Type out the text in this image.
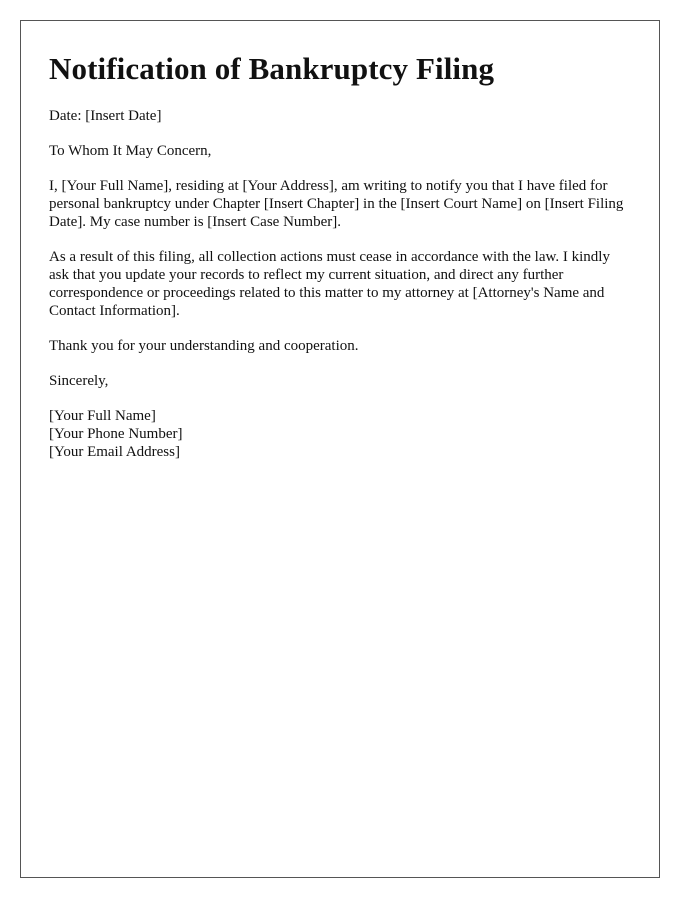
Notification of Bankruptcy Filing

Date: [Insert Date]

To Whom It May Concern,

I, [Your Full Name], residing at [Your Address], am writing to notify you that I have filed for personal bankruptcy under Chapter [Insert Chapter] in the [Insert Court Name] on [Insert Filing Date]. My case number is [Insert Case Number].

As a result of this filing, all collection actions must cease in accordance with the law. I kindly ask that you update your records to reflect my current situation, and direct any further correspondence or proceedings related to this matter to my attorney at [Attorney's Name and Contact Information].

Thank you for your understanding and cooperation.

Sincerely,

[Your Full Name]
[Your Phone Number]
[Your Email Address]
